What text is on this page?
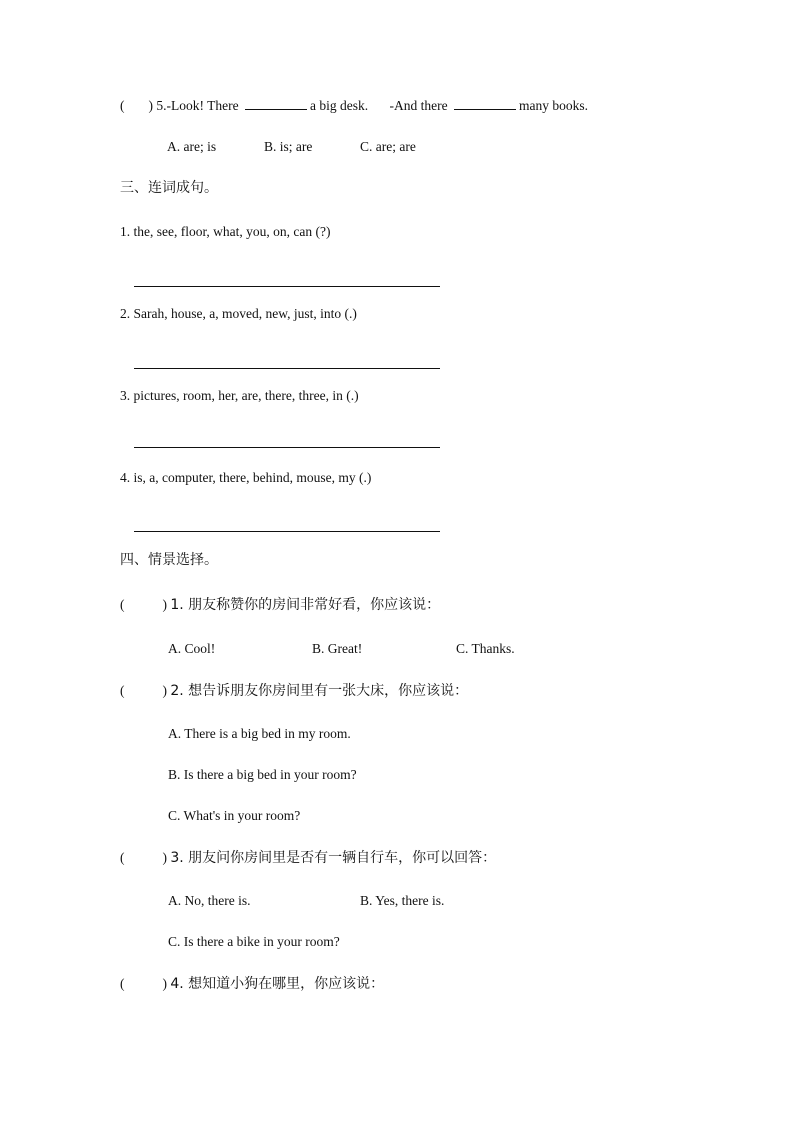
( ) 5.-Look! There	a big desk. -And there	many books.
A. are; is	B. is; are	C. are; are
三、连词成句。
1. the, see, floor, what, you, on, can (?)
2. Sarah, house, a, moved, new, just, into (.)
3. pictures, room, her, are, there, three, in (.)
4. is, a, computer, there, behind, mouse, my (.)
四、情景选择。
(	) 1. 朋友称赞你的房间非常好看，你应该说：
A. Cool!	B. Great!	C. Thanks.
(	) 2. 想告诉朋友你房间里有一张大床，你应该说：
A. There is a big bed in my room.
B. Is there a big bed in your room?
C. What's in your room?
(	) 3. 朋友问你房间里是否有一辆自行车，你可以回答：
A. No, there is.	B. Yes, there is.
C. Is there a bike in your room?
(	) 4. 想知道小狗在哪里，你应该说：
